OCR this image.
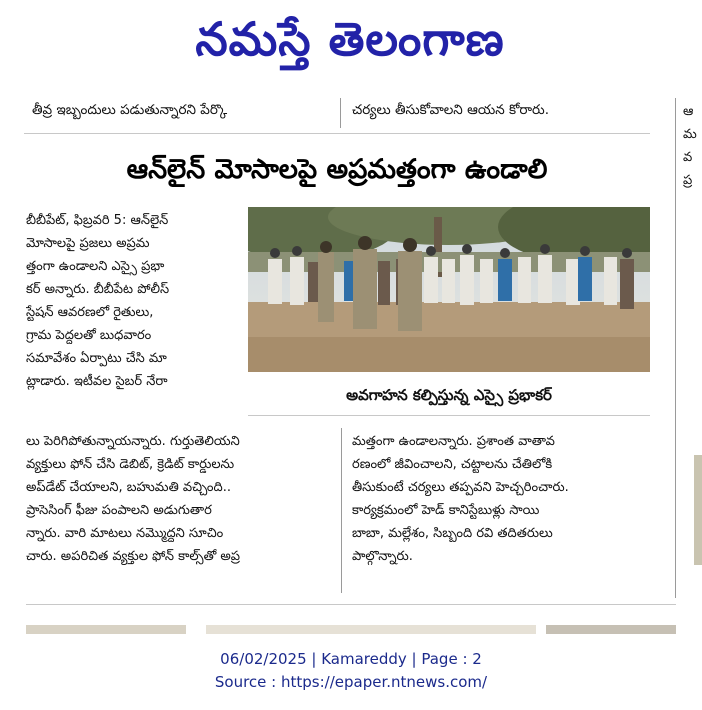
నమస్తే తెలంగాణ
తీవ్ర ఇబ్బందులు పడుతున్నారని పేర్కొ	చర్యలు తీసుకోవాలని ఆయన కోరారు.
ఆన్‌లైన్ మోసాలపై అప్రమత్తంగా ఉండాలి

బీబీపేట్, ఫిబ్రవరి 5: ఆన్‌లైన్

మోసాలపై ప్రజలు అప్రమ

త్తంగా ఉండాలని ఎస్సై ప్రభా

కర్ అన్నారు. బీబీపేట పోలీస్

స్టేషన్ ఆవరణలో రైతులు,

గ్రామ పెద్దలతో బుధవారం

సమావేశం ఏర్పాటు చేసి మా

ట్లాడారు. ఇటీవల సైబర్ నేరా

అవగాహన కల్పిస్తున్న ఎస్సై ప్రభాకర్

లు పెరిగిపోతున్నాయన్నారు. గుర్తుతెలియని

వ్యక్తులు ఫోన్ చేసి డెబిట్, క్రెడిట్ కార్డులను

అప్‌డేట్ చేయాలని, బహుమతి వచ్చింది..

ప్రాసెసింగ్ ఫీజు పంపాలని అడుగుతార

న్నారు. వారి మాటలు నమ్మొద్దని సూచిం

చారు. అపరిచిత వ్యక్తుల ఫోన్ కాల్స్‌తో అప్ర

మత్తంగా ఉండాలన్నారు. ప్రశాంత వాతావ

రణంలో జీవించాలని, చట్టాలను చేతిలోకి

తీసుకుంటే చర్యలు తప్పవని హెచ్చరించారు.

కార్యక్రమంలో హెడ్ కానిస్టేబుళ్లు సాయి

బాబా, మల్లేశం, సిబ్బంది రవి తదితరులు

పాల్గొన్నారు.

ఆ
మ
వ
ప్ర
06/02/2025 | Kamareddy | Page : 2
Source : https://epaper.ntnews.com/
